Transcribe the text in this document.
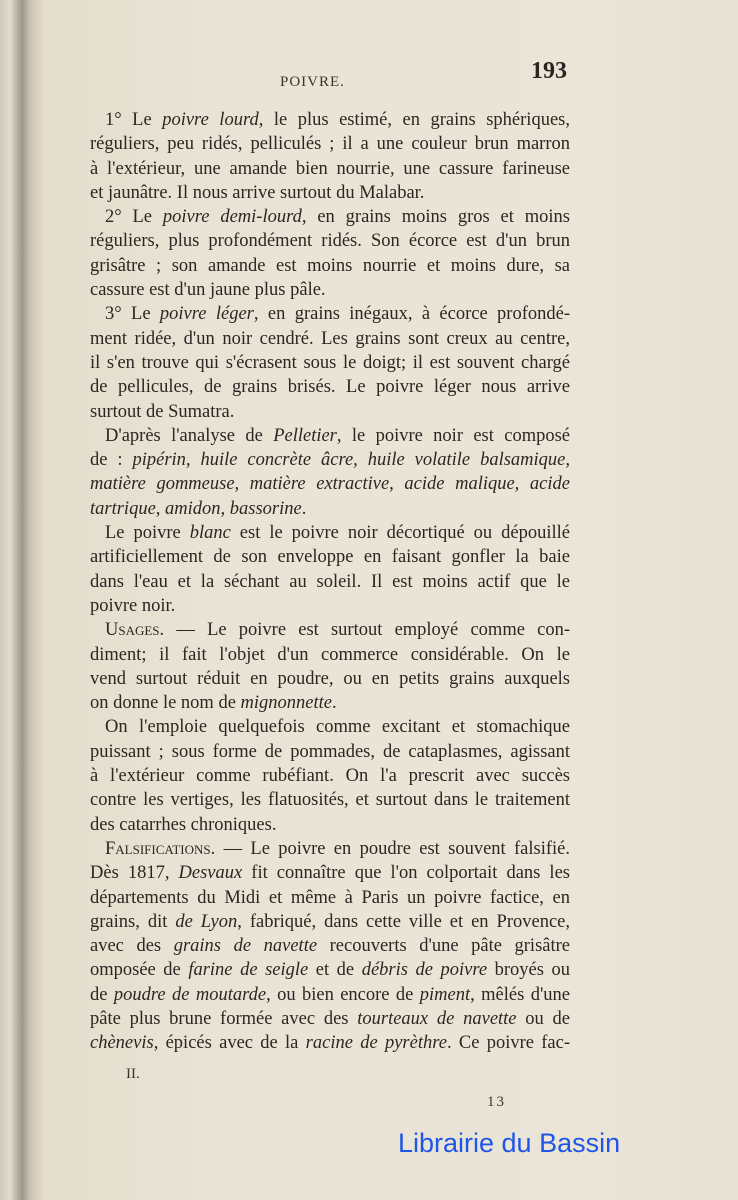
POIVRE.	193
1° Le poivre lourd, le plus estimé, en grains sphériques,
réguliers, peu ridés, pelliculés ; il a une couleur brun marron
à l'extérieur, une amande bien nourrie, une cassure farineuse
et jaunâtre. Il nous arrive surtout du Malabar.
2° Le poivre demi-lourd, en grains moins gros et moins
réguliers, plus profondément ridés. Son écorce est d'un brun
grisâtre ; son amande est moins nourrie et moins dure, sa
cassure est d'un jaune plus pâle.
3° Le poivre léger, en grains inégaux, à écorce profondé-
ment ridée, d'un noir cendré. Les grains sont creux au centre,
il s'en trouve qui s'écrasent sous le doigt; il est souvent chargé
de pellicules, de grains brisés. Le poivre léger nous arrive
surtout de Sumatra.
D'après l'analyse de Pelletier, le poivre noir est composé
de : pipérin, huile concrète âcre, huile volatile balsamique,
matière gommeuse, matière extractive, acide malique, acide
tartrique, amidon, bassorine.
Le poivre blanc est le poivre noir décortiqué ou dépouillé
artificiellement de son enveloppe en faisant gonfler la baie
dans l'eau et la séchant au soleil. Il est moins actif que le
poivre noir.
Usages. — Le poivre est surtout employé comme con-
diment; il fait l'objet d'un commerce considérable. On le
vend surtout réduit en poudre, ou en petits grains auxquels
on donne le nom de mignonnette.
On l'emploie quelquefois comme excitant et stomachique
puissant ; sous forme de pommades, de cataplasmes, agissant
à l'extérieur comme rubéfiant. On l'a prescrit avec succès
contre les vertiges, les flatuosités, et surtout dans le traitement
des catarrhes chroniques.
Falsifications. — Le poivre en poudre est souvent falsifié.
Dès 1817, Desvaux fit connaître que l'on colportait dans les
départements du Midi et même à Paris un poivre factice, en
grains, dit de Lyon, fabriqué, dans cette ville et en Provence,
avec des grains de navette recouverts d'une pâte grisâtre
omposée de farine de seigle et de débris de poivre broyés ou
de poudre de moutarde, ou bien encore de piment, mêlés d'une
pâte plus brune formée avec des tourteaux de navette ou de
chènevis, épicés avec de la racine de pyrèthre. Ce poivre fac-
II.
13
Librairie du Bassin
